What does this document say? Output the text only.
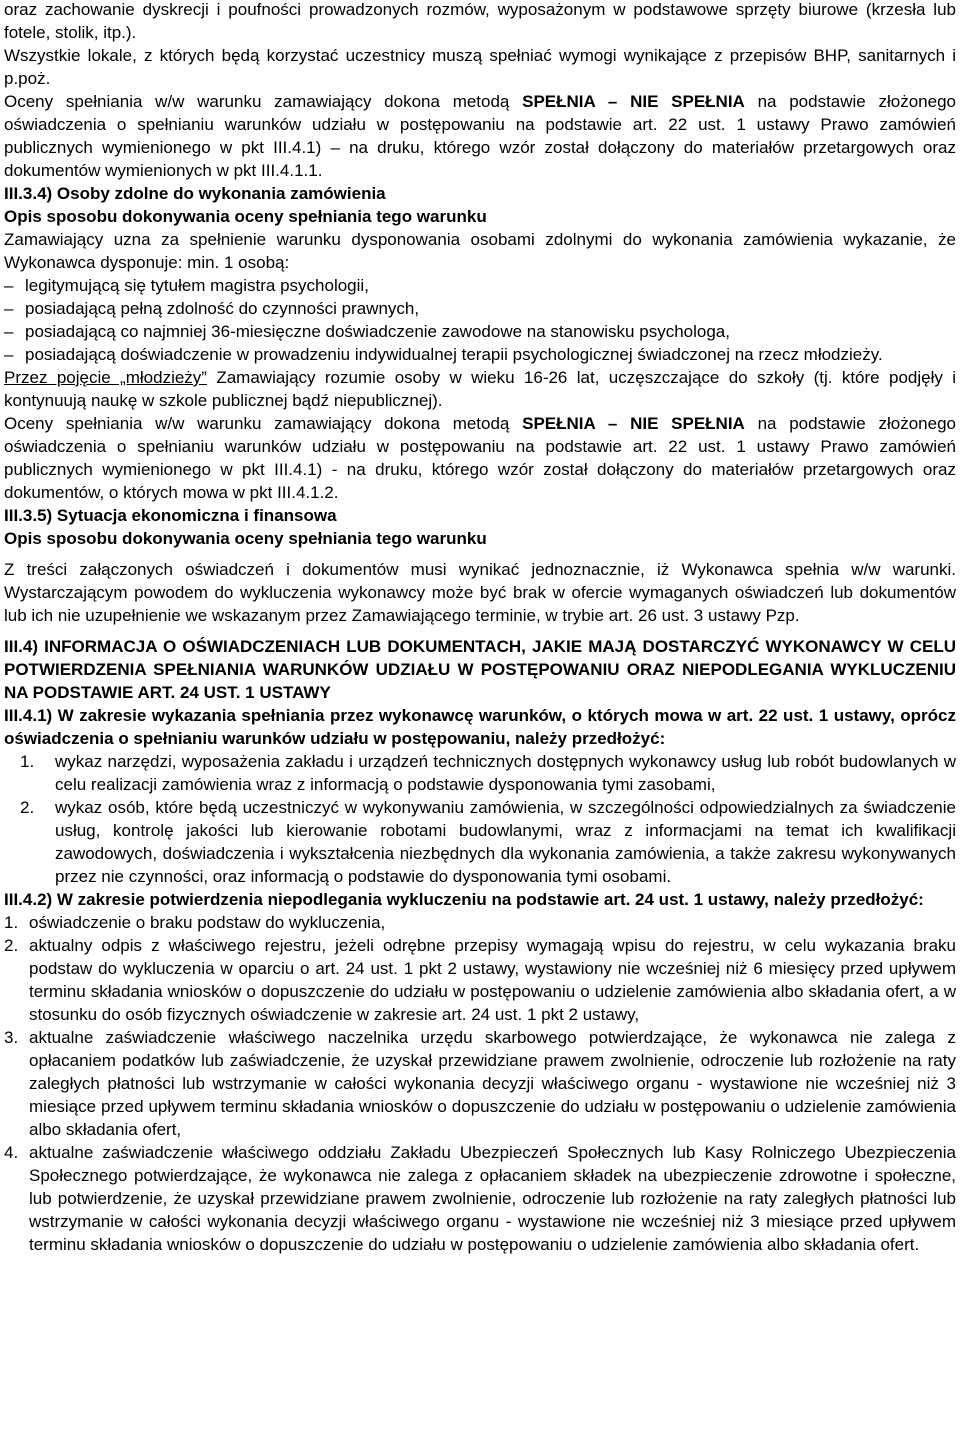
oraz zachowanie dyskrecji i poufności prowadzonych rozmów, wyposażonym w podstawowe sprzęty biurowe (krzesła lub fotele, stolik, itp.).

Wszystkie lokale, z których będą korzystać uczestnicy muszą spełniać wymogi wynikające z przepisów BHP, sanitarnych i p.poż.

Oceny spełniania w/w warunku zamawiający dokona metodą SPEŁNIA – NIE SPEŁNIA na podstawie złożonego oświadczenia o spełnianiu warunków udziału w postępowaniu na podstawie art. 22 ust. 1 ustawy Prawo zamówień publicznych wymienionego w pkt III.4.1) – na druku, którego wzór został dołączony do materiałów przetargowych oraz dokumentów wymienionych w pkt III.4.1.1.

III.3.4) Osoby zdolne do wykonania zamówienia

Opis sposobu dokonywania oceny spełniania tego warunku

Zamawiający uzna za spełnienie warunku dysponowania osobami zdolnymi do wykonania zamówienia wykazanie, że Wykonawca dysponuje: min. 1 osobą:

– legitymującą się tytułem magistra psychologii,

– posiadającą pełną zdolność do czynności prawnych,

– posiadającą co najmniej 36-miesięczne doświadczenie zawodowe na stanowisku psychologa,

– posiadającą doświadczenie w prowadzeniu indywidualnej terapii psychologicznej świadczonej na rzecz młodzieży.

Przez pojęcie „młodzieży” Zamawiający rozumie osoby w wieku 16-26 lat, uczęszczające do szkoły (tj. które podjęły i kontynuują naukę w szkole publicznej bądź niepublicznej).

Oceny spełniania w/w warunku zamawiający dokona metodą SPEŁNIA – NIE SPEŁNIA na podstawie złożonego oświadczenia o spełnianiu warunków udziału w postępowaniu na podstawie art. 22 ust. 1 ustawy Prawo zamówień publicznych wymienionego w pkt III.4.1) - na druku, którego wzór został dołączony do materiałów przetargowych oraz dokumentów, o których mowa w pkt III.4.1.2.

III.3.5) Sytuacja ekonomiczna i finansowa

Opis sposobu dokonywania oceny spełniania tego warunku

Z treści załączonych oświadczeń i dokumentów musi wynikać jednoznacznie, iż Wykonawca spełnia w/w warunki. Wystarczającym powodem do wykluczenia wykonawcy może być brak w ofercie wymaganych oświadczeń lub dokumentów lub ich nie uzupełnienie we wskazanym przez Zamawiającego terminie, w trybie art. 26 ust. 3 ustawy Pzp.

III.4) INFORMACJA O OŚWIADCZENIACH LUB DOKUMENTACH, JAKIE MAJĄ DOSTARCZYĆ WYKONAWCY W CELU POTWIERDZENIA SPEŁNIANIA WARUNKÓW UDZIAŁU W POSTĘPOWANIU ORAZ NIEPODLEGANIA WYKLUCZENIU NA PODSTAWIE ART. 24 UST. 1 USTAWY

III.4.1) W zakresie wykazania spełniania przez wykonawcę warunków, o których mowa w art. 22 ust. 1 ustawy, oprócz oświadczenia o spełnianiu warunków udziału w postępowaniu, należy przedłożyć:

1. wykaz narzędzi, wyposażenia zakładu i urządzeń technicznych dostępnych wykonawcy usług lub robót budowlanych w celu realizacji zamówienia wraz z informacją o podstawie dysponowania tymi zasobami,

2. wykaz osób, które będą uczestniczyć w wykonywaniu zamówienia, w szczególności odpowiedzialnych za świadczenie usług, kontrolę jakości lub kierowanie robotami budowlanymi, wraz z informacjami na temat ich kwalifikacji zawodowych, doświadczenia i wykształcenia niezbędnych dla wykonania zamówienia, a także zakresu wykonywanych przez nie czynności, oraz informacją o podstawie do dysponowania tymi osobami.

III.4.2) W zakresie potwierdzenia niepodlegania wykluczeniu na podstawie art. 24 ust. 1 ustawy, należy przedłożyć:

1. oświadczenie o braku podstaw do wykluczenia,

2. aktualny odpis z właściwego rejestru, jeżeli odrębne przepisy wymagają wpisu do rejestru, w celu wykazania braku podstaw do wykluczenia w oparciu o art. 24 ust. 1 pkt 2 ustawy, wystawiony nie wcześniej niż 6 miesięcy przed upływem terminu składania wniosków o dopuszczenie do udziału w postępowaniu o udzielenie zamówienia albo składania ofert, a w stosunku do osób fizycznych oświadczenie w zakresie art. 24 ust. 1 pkt 2 ustawy,

3. aktualne zaświadczenie właściwego naczelnika urzędu skarbowego potwierdzające, że wykonawca nie zalega z opłacaniem podatków lub zaświadczenie, że uzyskał przewidziane prawem zwolnienie, odroczenie lub rozłożenie na raty zaległych płatności lub wstrzymanie w całości wykonania decyzji właściwego organu - wystawione nie wcześniej niż 3 miesiące przed upływem terminu składania wniosków o dopuszczenie do udziału w postępowaniu o udzielenie zamówienia albo składania ofert,

4. aktualne zaświadczenie właściwego oddziału Zakładu Ubezpieczeń Społecznych lub Kasy Rolniczego Ubezpieczenia Społecznego potwierdzające, że wykonawca nie zalega z opłacaniem składek na ubezpieczenie zdrowotne i społeczne, lub potwierdzenie, że uzyskał przewidziane prawem zwolnienie, odroczenie lub rozłożenie na raty zaległych płatności lub wstrzymanie w całości wykonania decyzji właściwego organu - wystawione nie wcześniej niż 3 miesiące przed upływem terminu składania wniosków o dopuszczenie do udziału w postępowaniu o udzielenie zamówienia albo składania ofert.
